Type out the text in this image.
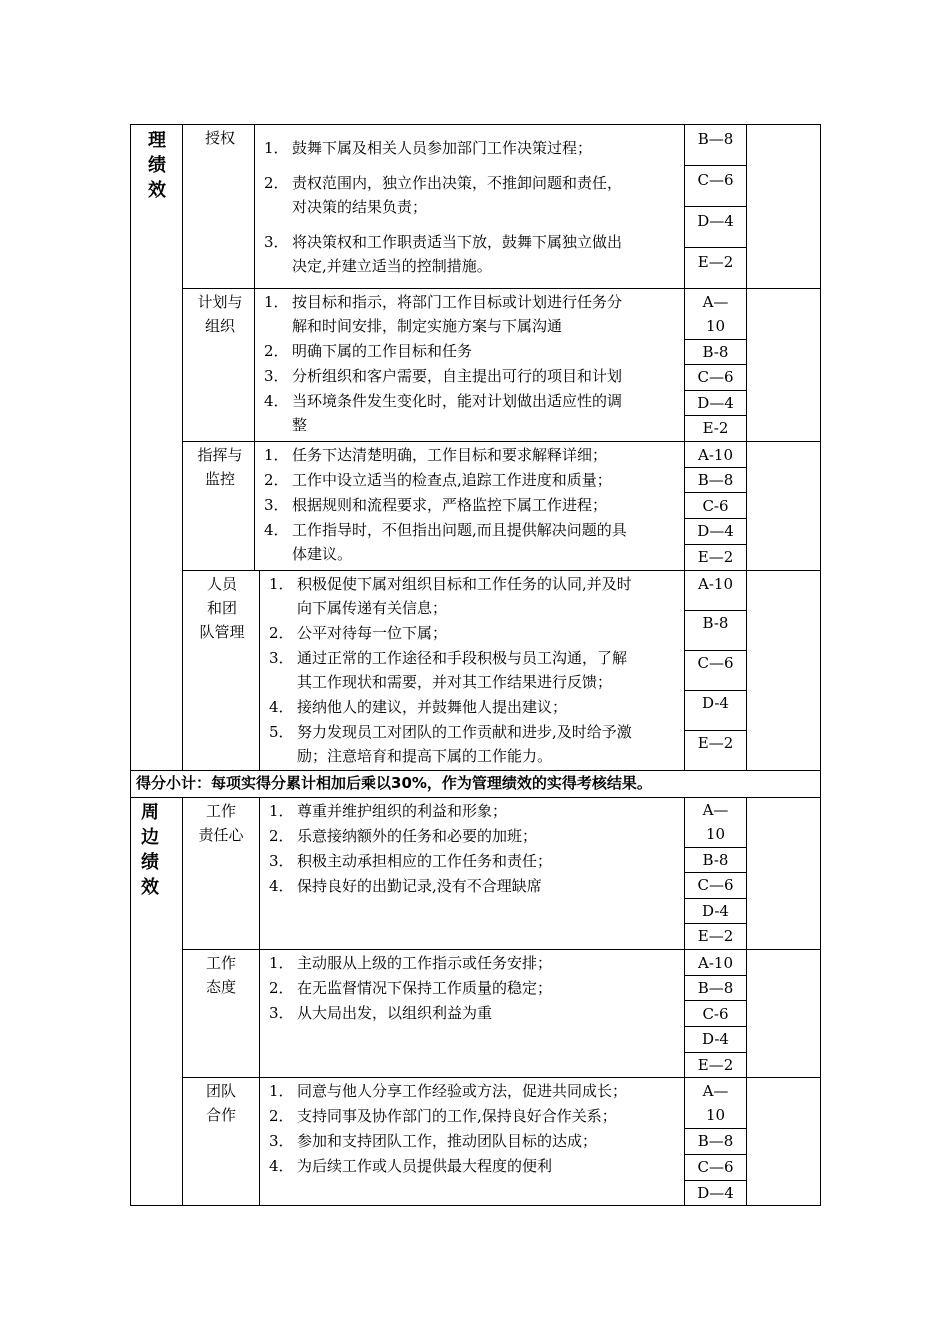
理
绩
效
周
边
绩
效
授权
1． 鼓舞下属及相关人员参加部门工作决策过程；
2． 责权范围内，独立作出决策，不推卸问题和责任，
对决策的结果负责；
3． 将决策权和工作职责适当下放，鼓舞下属独立做出
决定,并建立适当的控制措施。
B—8
C—6
D—4
E—2
计划与
组织
1． 按目标和指示，将部门工作目标或计划进行任务分
解和时间安排，制定实施方案与下属沟通
2． 明确下属的工作目标和任务
3． 分析组织和客户需要，自主提出可行的项目和计划
4． 当环境条件发生变化时，能对计划做出适应性的调
整
A—
10
B-8
C—6
D—4
E-2
指挥与
监控
1． 任务下达清楚明确，工作目标和要求解释详细；
2． 工作中设立适当的检查点,追踪工作进度和质量；
3． 根据规则和流程要求，严格监控下属工作进程；
4． 工作指导时，不但指出问题,而且提供解决问题的具
体建议。
A-10
B—8
C-6
D—4
E—2
人员
和团
队管理
1． 积极促使下属对组织目标和工作任务的认同,并及时
向下属传递有关信息；
2． 公平对待每一位下属；
3． 通过正常的工作途径和手段积极与员工沟通，了解
其工作现状和需要，并对其工作结果进行反馈；
4． 接纳他人的建议，并鼓舞他人提出建议；
5． 努力发现员工对团队的工作贡献和进步,及时给予激
励；注意培育和提高下属的工作能力。
A-10
B-8
C—6
D-4
E—2
得分小计：每项实得分累计相加后乘以30%，作为管理绩效的实得考核结果。
工作
责任心
1． 尊重并维护组织的利益和形象；
2． 乐意接纳额外的任务和必要的加班；
3． 积极主动承担相应的工作任务和责任；
4． 保持良好的出勤记录,没有不合理缺席
A—
10
B-8
C—6
D-4
E—2
工作
态度
1． 主动服从上级的工作指示或任务安排；
2． 在无监督情况下保持工作质量的稳定；
3． 从大局出发，以组织利益为重
A-10
B—8
C-6
D-4
E—2
团队
合作
1． 同意与他人分享工作经验或方法，促进共同成长；
2． 支持同事及协作部门的工作,保持良好合作关系；
3． 参加和支持团队工作，推动团队目标的达成；
4． 为后续工作或人员提供最大程度的便利
A—
10
B—8
C—6
D—4
